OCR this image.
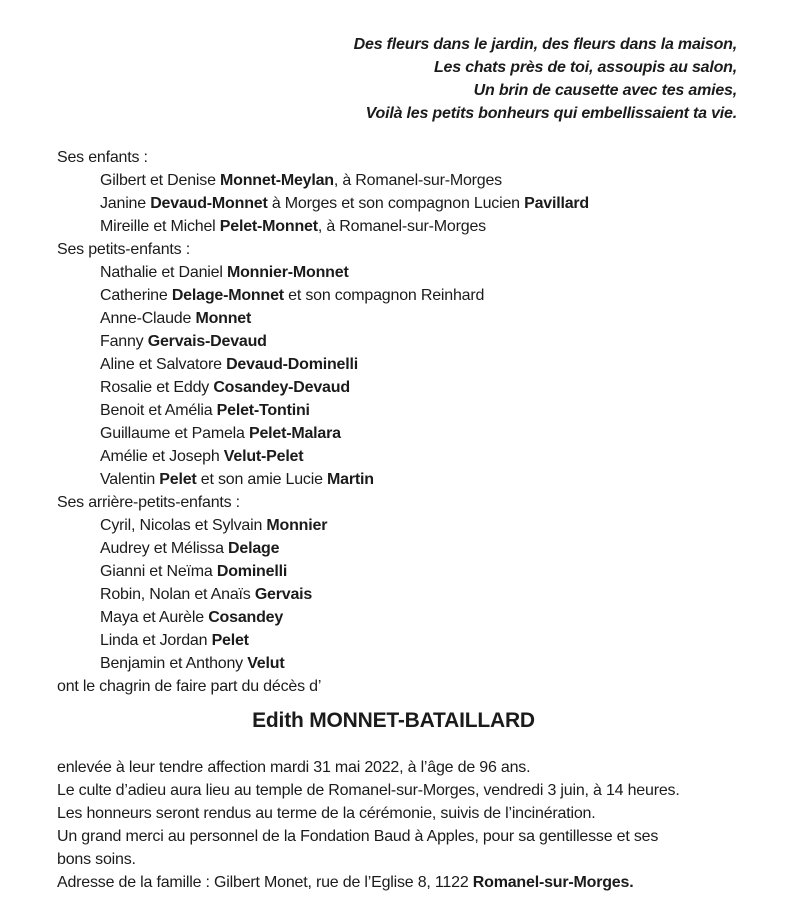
Des fleurs dans le jardin, des fleurs dans la maison,
Les chats près de toi, assoupis au salon,
Un brin de causette avec tes amies,
Voilà les petits bonheurs qui embellissaient ta vie.
Ses enfants :
Gilbert et Denise Monnet-Meylan, à Romanel-sur-Morges
Janine Devaud-Monnet à Morges et son compagnon Lucien Pavillard
Mireille et Michel Pelet-Monnet, à Romanel-sur-Morges
Ses petits-enfants :
Nathalie et Daniel Monnier-Monnet
Catherine Delage-Monnet et son compagnon Reinhard
Anne-Claude Monnet
Fanny Gervais-Devaud
Aline et Salvatore Devaud-Dominelli
Rosalie et Eddy Cosandey-Devaud
Benoit et Amélia Pelet-Tontini
Guillaume et Pamela Pelet-Malara
Amélie et Joseph Velut-Pelet
Valentin Pelet et son amie Lucie Martin
Ses arrière-petits-enfants :
Cyril, Nicolas et Sylvain Monnier
Audrey et Mélissa Delage
Gianni et Neïma Dominelli
Robin, Nolan et Anaïs Gervais
Maya et Aurèle Cosandey
Linda et Jordan Pelet
Benjamin et Anthony Velut
ont le chagrin de faire part du décès d’
Edith MONNET-BATAILLARD
enlevée à leur tendre affection mardi 31 mai 2022, à l’âge de 96 ans.
Le culte d’adieu aura lieu au temple de Romanel-sur-Morges, vendredi 3 juin, à 14 heures.
Les honneurs seront rendus au terme de la cérémonie, suivis de l’incinération.
Un grand merci au personnel de la Fondation Baud à Apples, pour sa gentillesse et ses
bons soins.
Adresse de la famille : Gilbert Monet, rue de l’Eglise 8, 1122 Romanel-sur-Morges.
